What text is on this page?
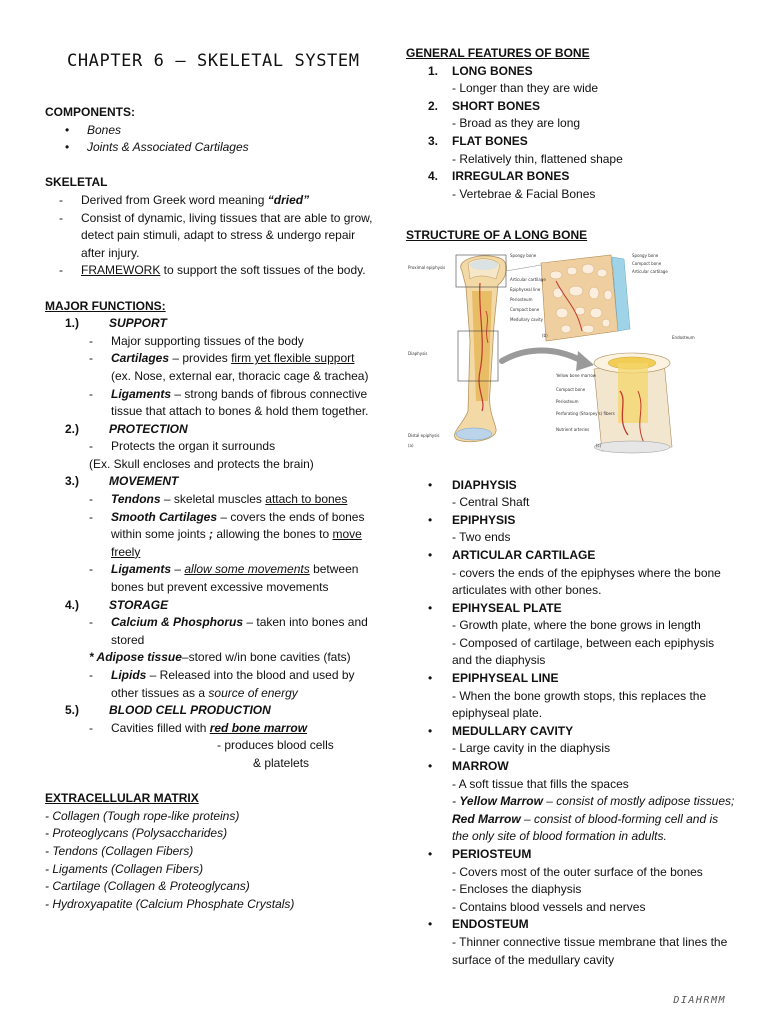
CHAPTER 6 – SKELETAL SYSTEM
COMPONENTS:
•	Bones
•	Joints & Associated Cartilages
SKELETAL
-	Derived from Greek word meaning “dried”
-	Consist of dynamic, living tissues that are able to grow, detect pain stimuli, adapt to stress & undergo repair after injury.
-	FRAMEWORK to support the soft tissues of the body.
MAJOR FUNCTIONS:
1.)	SUPPORT
-	Major supporting tissues of the body
-	Cartilages – provides firm yet flexible support (ex. Nose, external ear, thoracic cage & trachea)
-	Ligaments – strong bands of fibrous connective tissue that attach to bones & hold them together.
2.)	PROTECTION
-	Protects the organ it surrounds
(Ex. Skull encloses and protects the brain)
3.)	MOVEMENT
-	Tendons – skeletal muscles attach to bones
-	Smooth Cartilages – covers the ends of bones within some joints ; allowing the bones to move freely
-	Ligaments – allow some movements between bones but prevent excessive movements
4.)	STORAGE
-	Calcium & Phosphorus – taken into bones and stored
* Adipose tissue–stored w/in bone cavities (fats)
-	Lipids – Released into the blood and used by other tissues as a source of energy
5.)	BLOOD CELL PRODUCTION
-	Cavities filled with red bone marrow
- produces blood cells
& platelets
EXTRACELLULAR MATRIX
- Collagen (Tough rope-like proteins)
- Proteoglycans (Polysaccharides)
- Tendons (Collagen Fibers)
- Ligaments (Collagen Fibers)
- Cartilage (Collagen & Proteoglycans)
- Hydroxyapatite (Calcium Phosphate Crystals)
GENERAL FEATURES OF BONE
1.	LONG BONES
- Longer than they are wide
2.	SHORT BONES
- Broad as they are long
3.	FLAT BONES
- Relatively thin, flattened shape
4.	IRREGULAR BONES
- Vertebrae & Facial Bones
STRUCTURE OF A LONG BONE
Proximal epiphysis
Diaphysis
Distal epiphysis
Spongy bone
Articular cartilage
Epiphyseal line
Periosteum
Compact bone
Medullary cavity
Spongy bone
Compact bone
Articular cartilage
Endosteum
Yellow bone marrow
Compact bone
Periosteum
Perforating (Sharpey's) fibers
Nutrient arteries
(a)
(b)
(c)
•	DIAPHYSIS
- Central Shaft
•	EPIPHYSIS
- Two ends
•	ARTICULAR CARTILAGE
- covers the ends of the epiphyses where the bone articulates with other bones.
•	EPIHYSEAL PLATE
- Growth plate, where the bone grows in length
- Composed of cartilage, between each epiphysis and the diaphysis
•	EPIPHYSEAL LINE
- When the bone growth stops, this replaces the epiphyseal plate.
•	MEDULLARY CAVITY
- Large cavity in the diaphysis
•	MARROW
- A soft tissue that fills the spaces
- Yellow Marrow – consist of mostly adipose tissues; Red Marrow – consist of blood-forming cell and is the only site of blood formation in adults.
•	PERIOSTEUM
- Covers most of the outer surface of the bones
- Encloses the diaphysis
- Contains blood vessels and nerves
•	ENDOSTEUM
- Thinner connective tissue membrane that lines the surface of the medullary cavity
DIAHRMM
